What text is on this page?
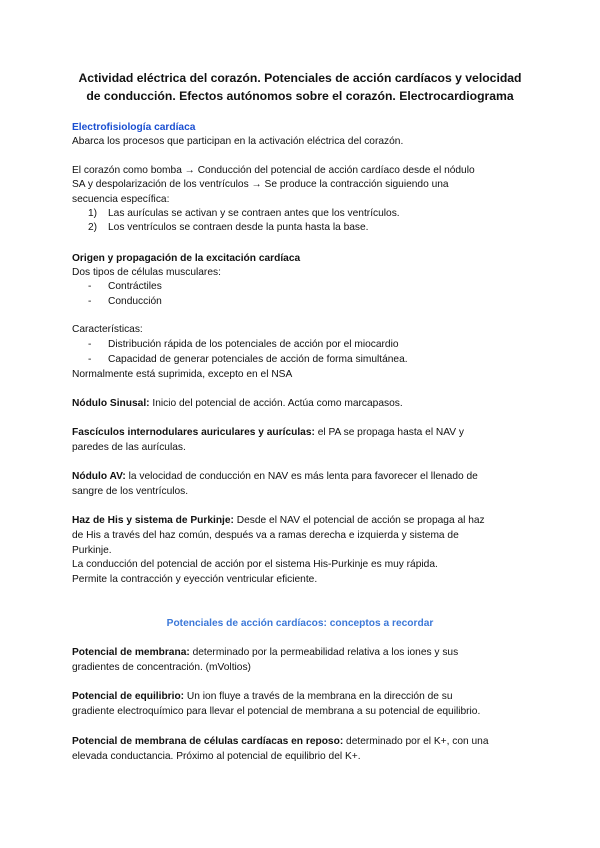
Actividad eléctrica del corazón. Potenciales de acción cardíacos y velocidad
de conducción. Efectos autónomos sobre el corazón. Electrocardiograma
Electrofisiología cardíaca
Abarca los procesos que participan en la activación eléctrica del corazón.
El corazón como bomba → Conducción del potencial de acción cardíaco desde el nódulo
SA y despolarización de los ventrículos → Se produce la contracción siguiendo una
secuencia específica:
1) Las aurículas se activan y se contraen antes que los ventrículos.
2) Los ventrículos se contraen desde la punta hasta la base.
Origen y propagación de la excitación cardíaca
Dos tipos de células musculares:
- Contráctiles
- Conducción
Características:
- Distribución rápida de los potenciales de acción por el miocardio
- Capacidad de generar potenciales de acción de forma simultánea.
Normalmente está suprimida, excepto en el NSA
Nódulo Sinusal: Inicio del potencial de acción. Actúa como marcapasos.
Fascículos internodulares auriculares y aurículas: el PA se propaga hasta el NAV y
paredes de las aurículas.
Nódulo AV: la velocidad de conducción en NAV es más lenta para favorecer el llenado de
sangre de los ventrículos.
Haz de His y sistema de Purkinje: Desde el NAV el potencial de acción se propaga al haz
de His a través del haz común, después va a ramas derecha e izquierda y sistema de
Purkinje.
La conducción del potencial de acción por el sistema His-Purkinje es muy rápida.
Permite la contracción y eyección ventricular eficiente.
Potenciales de acción cardíacos: conceptos a recordar
Potencial de membrana: determinado por la permeabilidad relativa a los iones y sus
gradientes de concentración. (mVoltios)
Potencial de equilibrio: Un ion fluye a través de la membrana en la dirección de su
gradiente electroquímico para llevar el potencial de membrana a su potencial de equilibrio.
Potencial de membrana de células cardíacas en reposo: determinado por el K+, con una
elevada conductancia. Próximo al potencial de equilibrio del K+.
